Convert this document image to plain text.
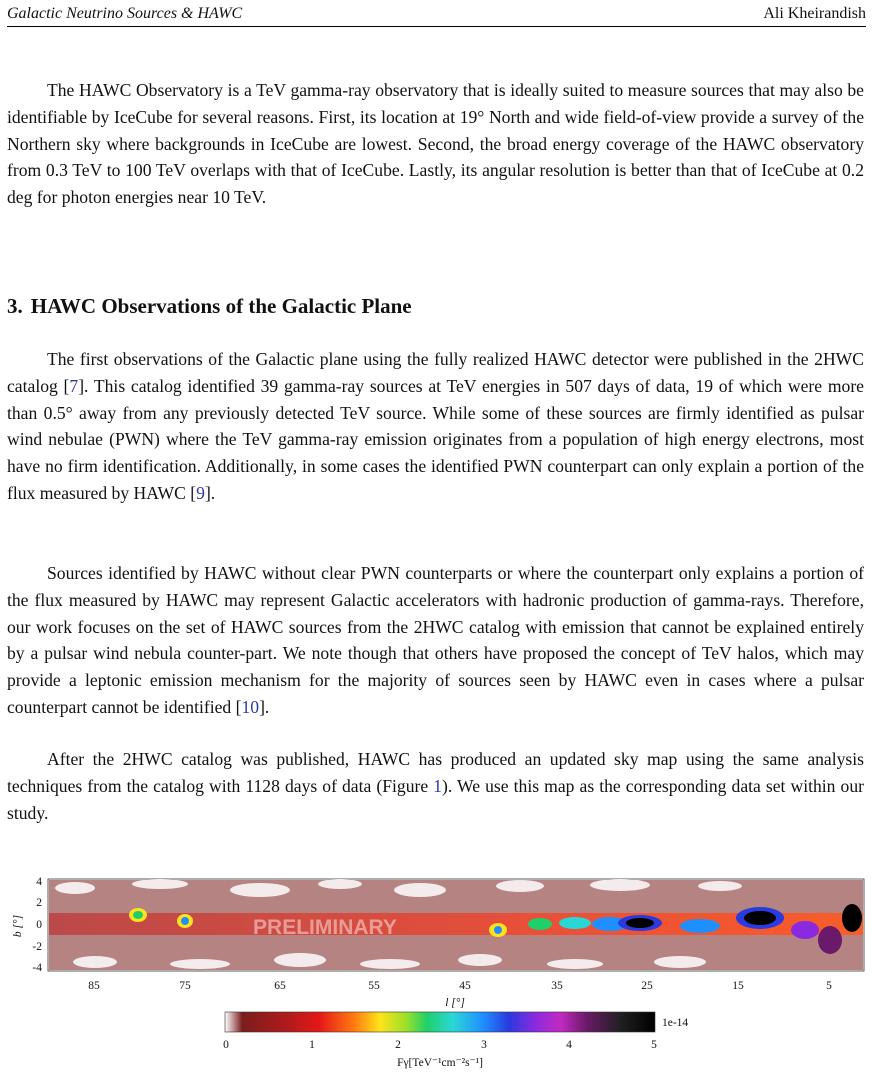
Galactic Neutrino Sources & HAWC	Ali Kheirandish

The HAWC Observatory is a TeV gamma-ray observatory that is ideally suited to measure sources that may also be identifiable by IceCube for several reasons. First, its location at 19° North and wide field-of-view provide a survey of the Northern sky where backgrounds in IceCube are lowest. Second, the broad energy coverage of the HAWC observatory from 0.3 TeV to 100 TeV overlaps with that of IceCube. Lastly, its angular resolution is better than that of IceCube at 0.2 deg for photon energies near 10 TeV.

3. HAWC Observations of the Galactic Plane

The first observations of the Galactic plane using the fully realized HAWC detector were published in the 2HWC catalog [7]. This catalog identified 39 gamma-ray sources at TeV energies in 507 days of data, 19 of which were more than 0.5° away from any previously detected TeV source. While some of these sources are firmly identified as pulsar wind nebulae (PWN) where the TeV gamma-ray emission originates from a population of high energy electrons, most have no firm identification. Additionally, in some cases the identified PWN counterpart can only explain a portion of the flux measured by HAWC [9].

Sources identified by HAWC without clear PWN counterparts or where the counterpart only explains a portion of the flux measured by HAWC may represent Galactic accelerators with hadronic production of gamma-rays. Therefore, our work focuses on the set of HAWC sources from the 2HWC catalog with emission that cannot be explained entirely by a pulsar wind nebula counter-part. We note though that others have proposed the concept of TeV halos, which may provide a leptonic emission mechanism for the majority of sources seen by HAWC even in cases where a pulsar counterpart cannot be identified [10].

After the 2HWC catalog was published, HAWC has produced an updated sky map using the same analysis techniques from the catalog with 1128 days of data (Figure 1). We use this map as the corresponding data set within our study.

PRELIMINARY
4
2
0
-2
-4
b [°]
85	75	65	55	45	35	25	15	5
l [°]
1e-14
0	1	2	3	4	5
Fγ[TeV⁻¹cm⁻²s⁻¹]
